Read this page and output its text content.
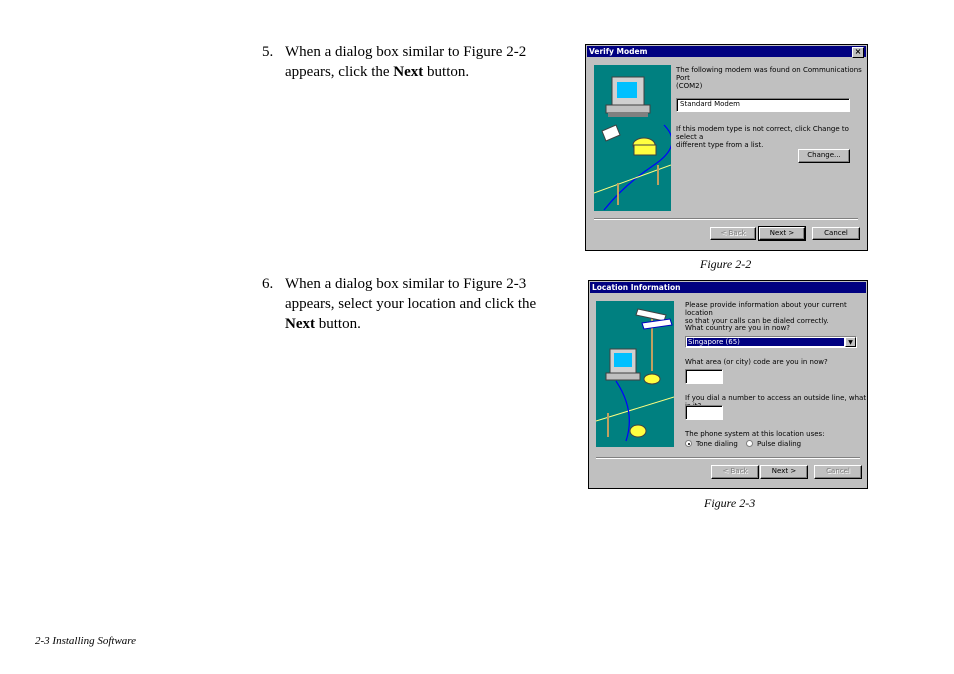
5. When a dialog box similar to Figure 2-2
appears, click the Next button.
6. When a dialog box similar to Figure 2-3
appears, select your location and click the
Next button.
Verify Modem	×
The following modem was found on Communications Port
(COM2)
Standard Modem
If this modem type is not correct, click Change to select a
different type from a list.
Change...
< Back	Next >	Cancel
Figure 2-2
Location Information
Please provide information about your current location
so that your calls can be dialed correctly.
What country are you in now?
Singapore (65)	▼
What area (or city) code are you in now?
If you dial a number to access an outside line, what
The phone system at this location uses:
Tone dialing	Pulse dialing
< Back	Next >	Cancel
Figure 2-3
2-3 Installing Software
